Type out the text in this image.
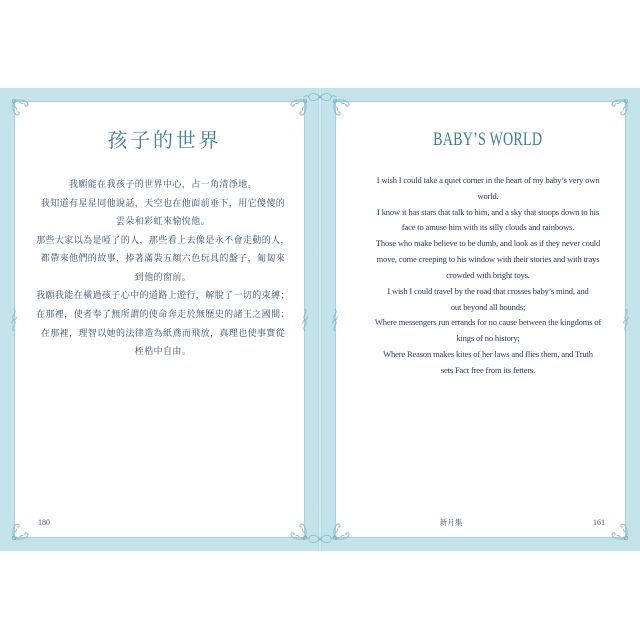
孩子的世界
我願能在我孩子的世界中心，占一角清淨地。
我知道有星星同他說話，天空也在他面前垂下，用它傻傻的
雲朵和彩虹來愉悅他。
那些大家以為是啞了的人，那些看上去像是永不會走動的人，
都帶來他們的故事，捧著滿裝五顏六色玩具的盤子，匍匐來
到他的窗前。
我願我能在橫過孩子心中的道路上遊行，解脫了一切的束縛；
在那裡，使者奉了無所謂的使命奔走於無歷史的諸王之國間；
在那裡，理智以她的法律造為紙鳶而飛放，真理也使事實從
桎梏中自由。
180
BABY’S WORLD
I wish I could take a quiet corner in the heart of my baby’s very own
world.
I know it has stars that talk to him, and a sky that stoops down to his
face to amuse him with its silly clouds and rainbows.
Those who make believe to be dumb, and look as if they never could
move, come creeping to his window with their stories and with trays
crowded with bright toys.
I wish I could travel by the road that crosses baby’s mind, and
out beyond all bounds;
Where messengers run errands for no cause between the kingdoms of
kings of no history;
Where Reason makes kites of her laws and flies them, and Truth
sets Fact free from its fetters.
新月集	161
